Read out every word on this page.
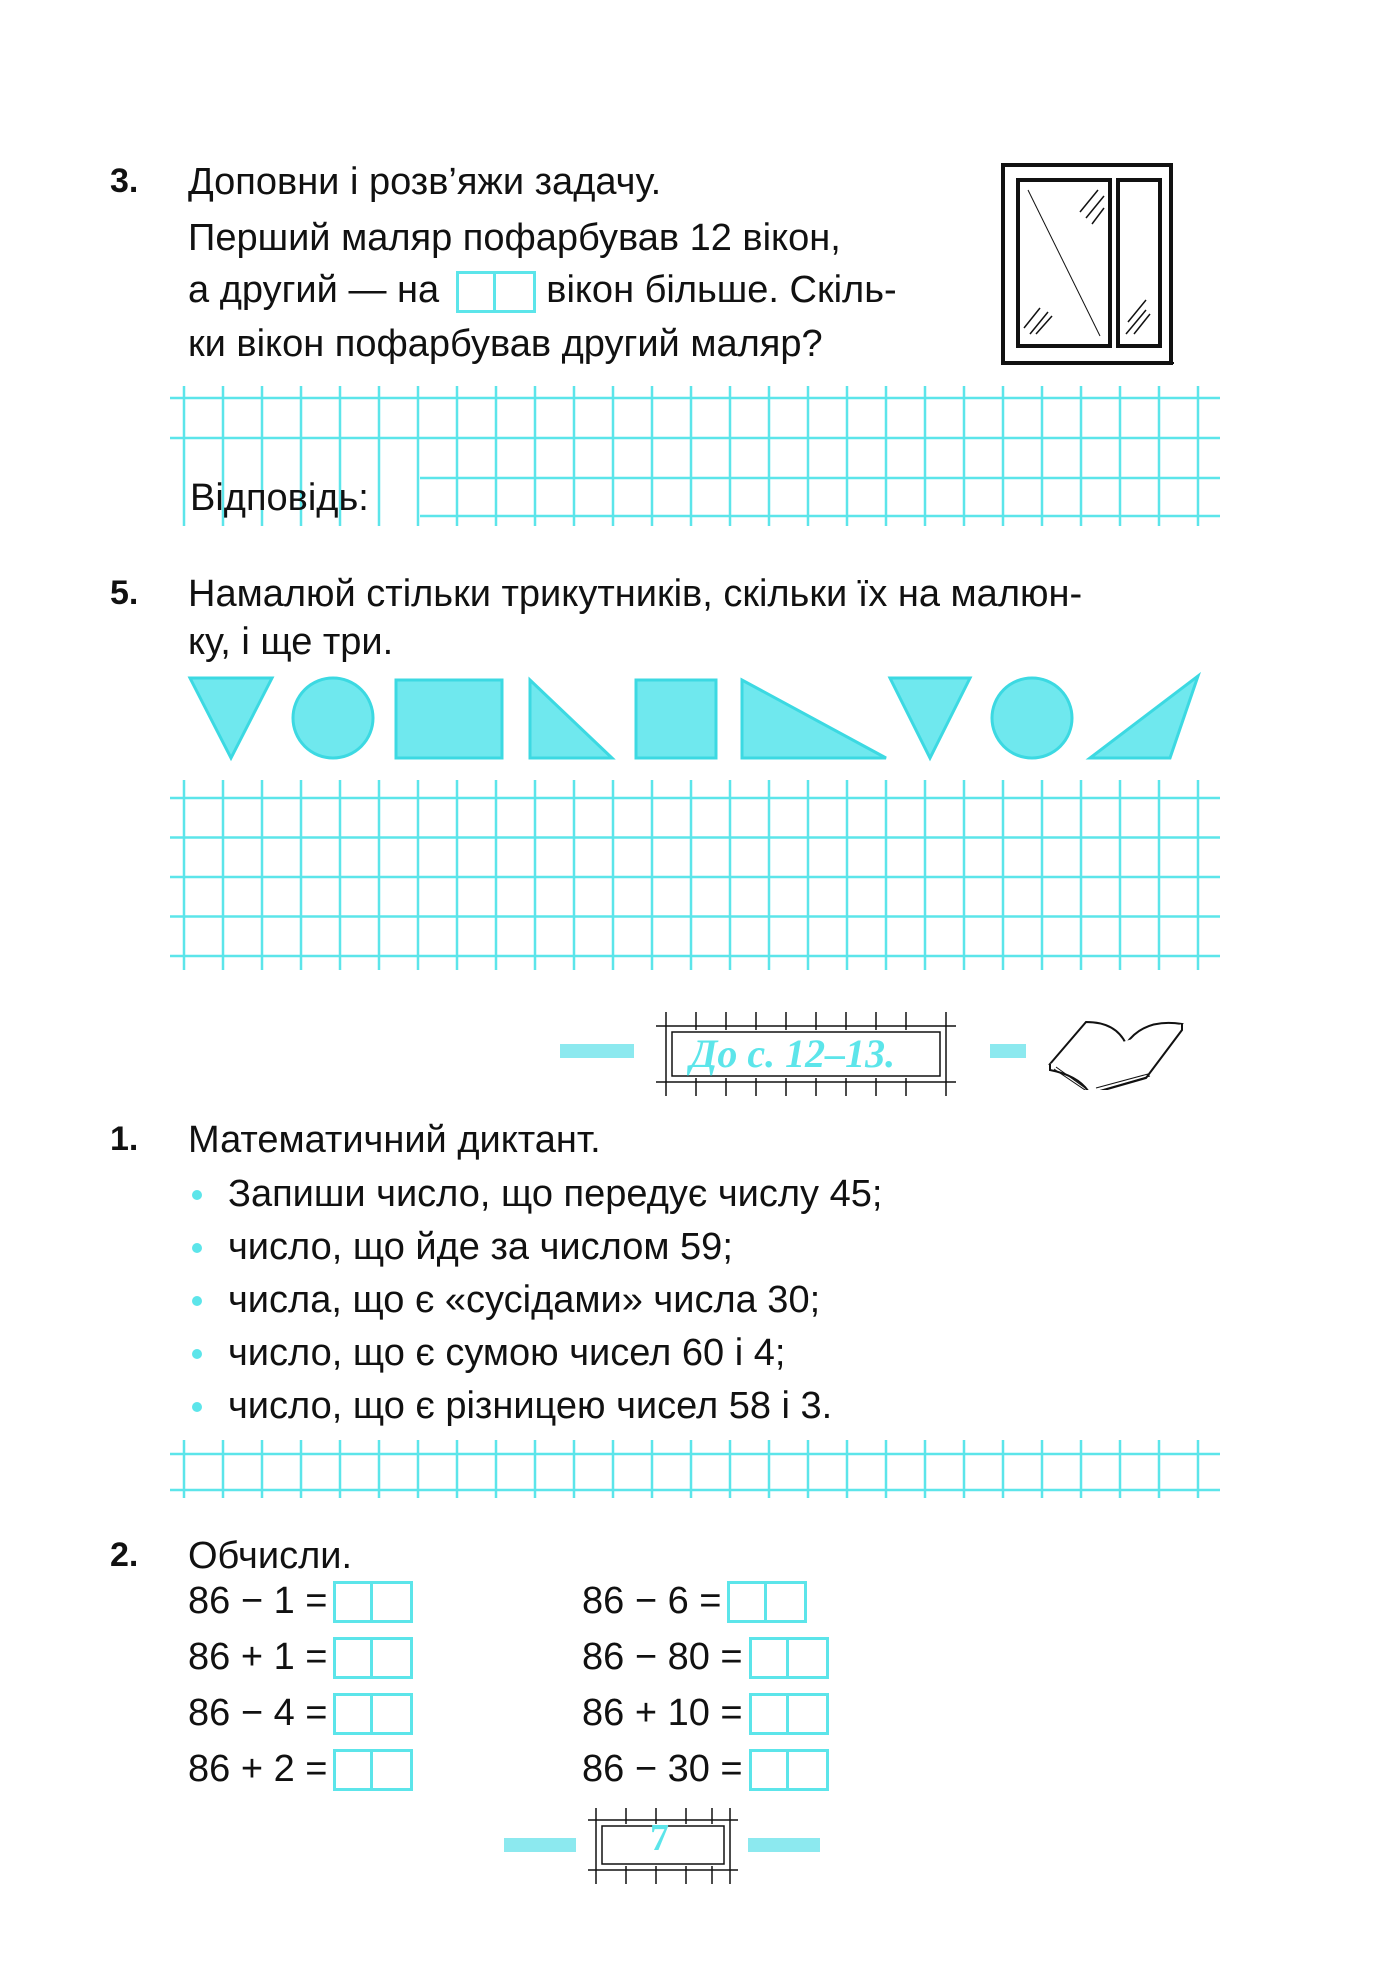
3. Доповни і розв’яжи задачу.
Перший маляр пофарбував 12 вікон,
а другий — на	вікон більше. Скіль-
ки вікон пофарбував другий маляр?
Відповідь:
5. Намалюй стільки трикутників, скільки їх на малюн-
ку, і ще три.
До с. 12–13.
1. Математичний диктант.
Запиши число, що передує числу 45;
число, що йде за числом 59;
числа, що є «сусідами» числа 30;
число, що є сумою чисел 60 і 4;
число, що є різницею чисел 58 і 3.
2. Обчисли.
86 − 1 =
86 + 1 =
86 − 4 =
86 + 2 =
86 − 6 =
86 − 80 =
86 + 10 =
86 − 30 =
7
